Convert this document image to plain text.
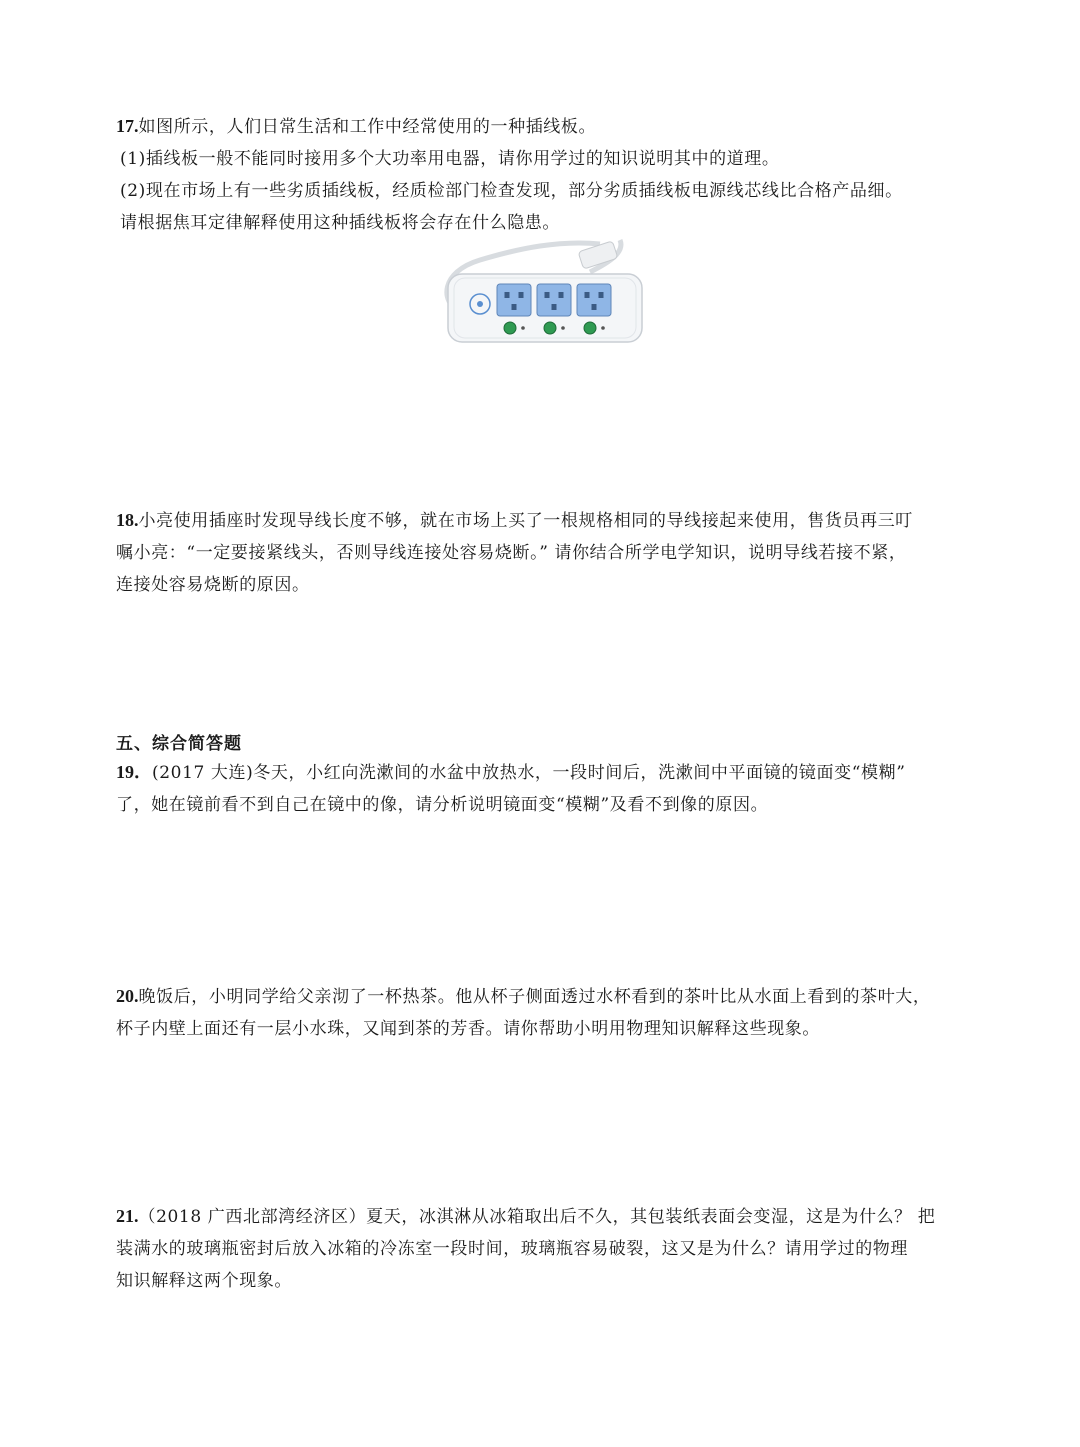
17.如图所示，人们日常生活和工作中经常使用的一种插线板。
(1)插线板一般不能同时接用多个大功率用电器，请你用学过的知识说明其中的道理。
(2)现在市场上有一些劣质插线板，经质检部门检查发现，部分劣质插线板电源线芯线比合格产品细。
请根据焦耳定律解释使用这种插线板将会存在什么隐患。
18.小亮使用插座时发现导线长度不够，就在市场上买了一根规格相同的导线接起来使用，售货员再三叮
嘱小亮：“一定要接紧线头，否则导线连接处容易烧断。” 请你结合所学电学知识，说明导线若接不紧，
连接处容易烧断的原因。
五、综合简答题
19．(2017 大连)冬天，小红向洗漱间的水盆中放热水，一段时间后，洗漱间中平面镜的镜面变“模糊”
了，她在镜前看不到自己在镜中的像，请分析说明镜面变“模糊”及看不到像的原因。
20.晚饭后，小明同学给父亲沏了一杯热茶。他从杯子侧面透过水杯看到的茶叶比从水面上看到的茶叶大，
杯子内壁上面还有一层小水珠，又闻到茶的芳香。请你帮助小明用物理知识解释这些现象。
21.（2018 广西北部湾经济区）夏天，冰淇淋从冰箱取出后不久，其包装纸表面会变湿，这是为什么？ 把
装满水的玻璃瓶密封后放入冰箱的冷冻室一段时间，玻璃瓶容易破裂，这又是为什么？请用学过的物理
知识解释这两个现象。
